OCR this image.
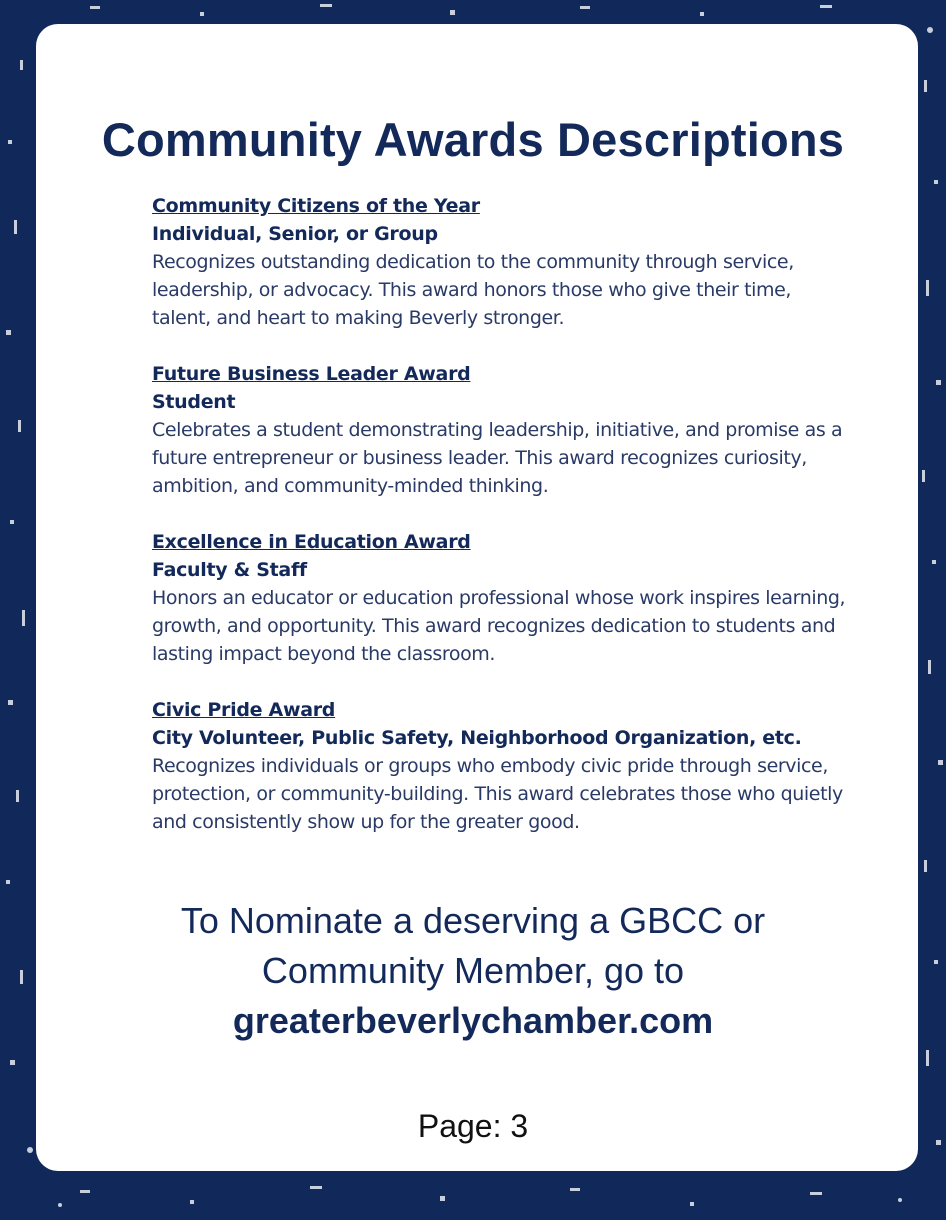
Community Awards Descriptions
Community Citizens of the Year
Individual, Senior, or Group
Recognizes outstanding dedication to the community through service, leadership, or advocacy. This award honors those who give their time, talent, and heart to making Beverly stronger.
Future Business Leader Award
Student
Celebrates a student demonstrating leadership, initiative, and promise as a future entrepreneur or business leader. This award recognizes curiosity, ambition, and community-minded thinking.
Excellence in Education Award
Faculty & Staff
Honors an educator or education professional whose work inspires learning, growth, and opportunity. This award recognizes dedication to students and lasting impact beyond the classroom.
Civic Pride Award
City Volunteer, Public Safety, Neighborhood Organization, etc.
Recognizes individuals or groups who embody civic pride through service, protection, or community-building. This award celebrates those who quietly and consistently show up for the greater good.
To Nominate a deserving a GBCC or
Community Member, go to
greaterbeverlychamber.com
Page: 3
